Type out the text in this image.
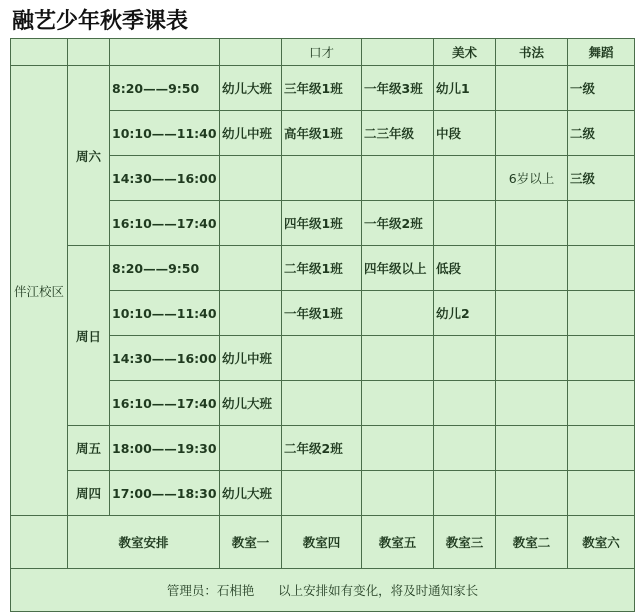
融艺少年秋季课表
				口才		美术	书法	舞蹈
伴江校区	周六	8:20——9:50	幼儿大班	三年级1班	一年级3班	幼儿1		一级
		10:10——11:40	幼儿中班	高年级1班	二三年级	中段		二级
		14:30——16:00					6岁以上	三级
		16:10——17:40		四年级1班	一年级2班			
	周日	8:20——9:50		二年级1班	四年级以上	低段		
		10:10——11:40		一年级1班		幼儿2		
		14:30——16:00	幼儿中班					
		16:10——17:40	幼儿大班					
	周五	18:00——19:30		二年级2班				
	周四	17:00——18:30	幼儿大班					
	教室安排		教室一	教室四	教室五	教室三	教室二	教室六
管理员：石相艳      以上安排如有变化，将及时通知家长								
